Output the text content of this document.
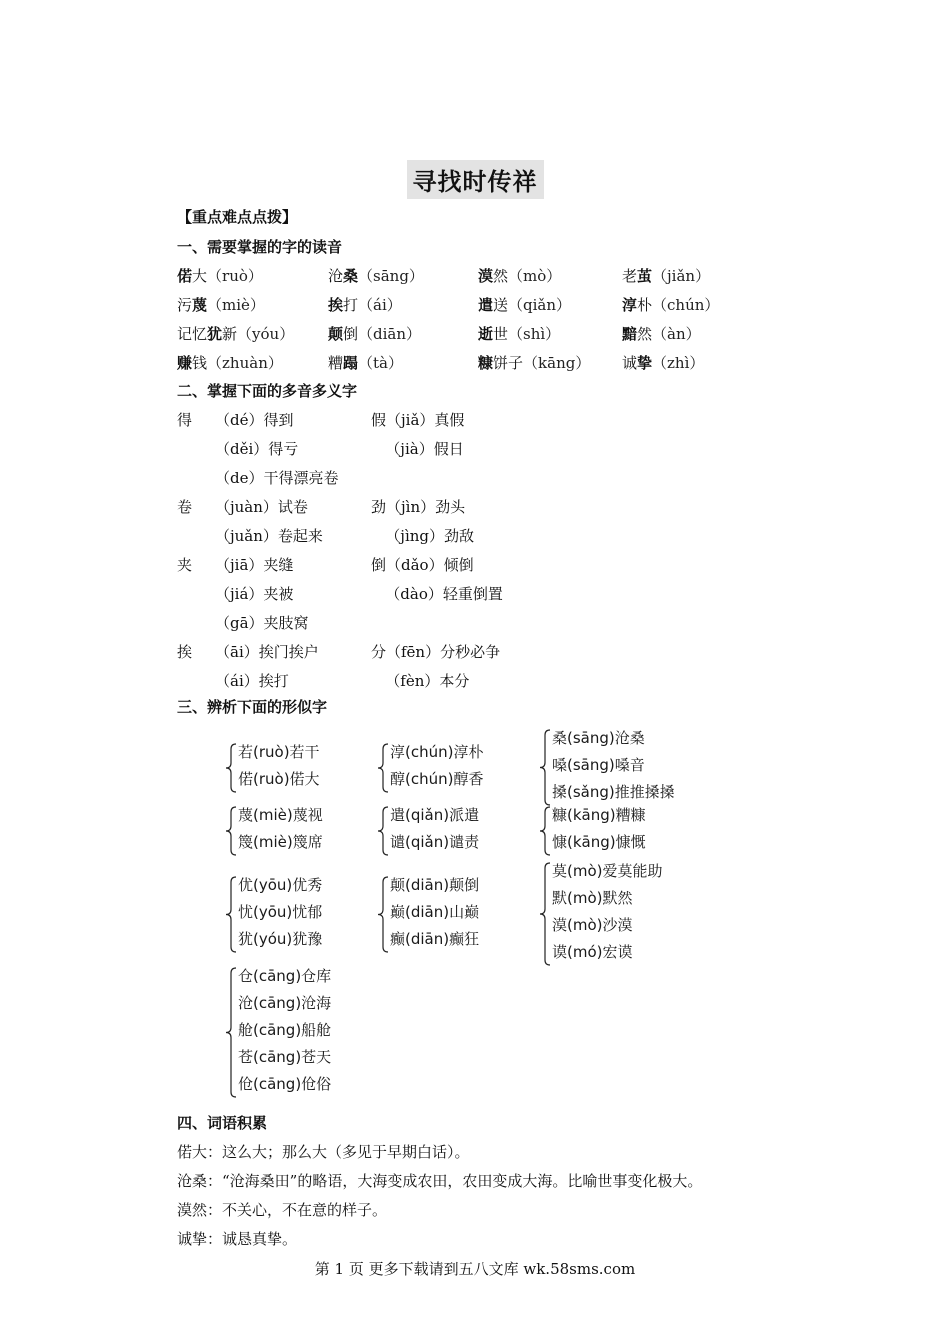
寻找时传祥
【重点难点点拨】
一、需要掌握的字的读音
偌大（ruò）	沧桑（sāng）	漠然（mò）	老茧（jiǎn）
污蔑（miè）	挨打（ái）	遣送（qiǎn）	淳朴（chún）
记忆犹新（yóu） 颠倒（diān）	逝世（shì）	黯然（àn）
赚钱（zhuàn）	糟蹋（tà）	糠饼子（kāng） 诚挚（zhì）
二、掌握下面的多音多义字
得 （dé）得到	假（jiǎ）真假
（děi）得亏	（jià）假日
（de）干得漂亮卷
卷 （juàn）试卷	劲（jìn）劲头
（juǎn）卷起来	（jìng）劲敌
夹 （jiā）夹缝	倒（dǎo）倾倒
（jiá）夹被	（dào）轻重倒置
（gā）夹肢窝
挨 （āi）挨门挨户	分（fēn）分秒必争
（ái）挨打	（fèn）本分
三、辨析下面的形似字
若(ruò)若干
偌(ruò)偌大
淳(chún)淳朴
醇(chún)醇香
桑(sāng)沧桑
嗓(sāng)嗓音
搡(sǎng)推推搡搡
蔑(miè)蔑视
篾(miè)篾席
遣(qiǎn)派遣
谴(qiǎn)谴责
糠(kāng)糟糠
慷(kāng)慷慨
优(yōu)优秀
忧(yōu)忧郁
犹(yóu)犹豫
颠(diān)颠倒
巅(diān)山巅
癫(diān)癫狂
莫(mò)爱莫能助
默(mò)默然
漠(mò)沙漠
谟(mó)宏谟
仓(cāng)仓库
沧(cāng)沧海
舱(cāng)船舱
苍(cāng)苍天
伧(cāng)伧俗
四、词语积累
偌大：这么大；那么大（多见于早期白话）。
沧桑：“沧海桑田”的略语，大海变成农田，农田变成大海。比喻世事变化极大。
漠然：不关心，不在意的样子。
诚挚：诚恳真挚。
第 1 页 更多下载请到五八文库 wk.58sms.com
